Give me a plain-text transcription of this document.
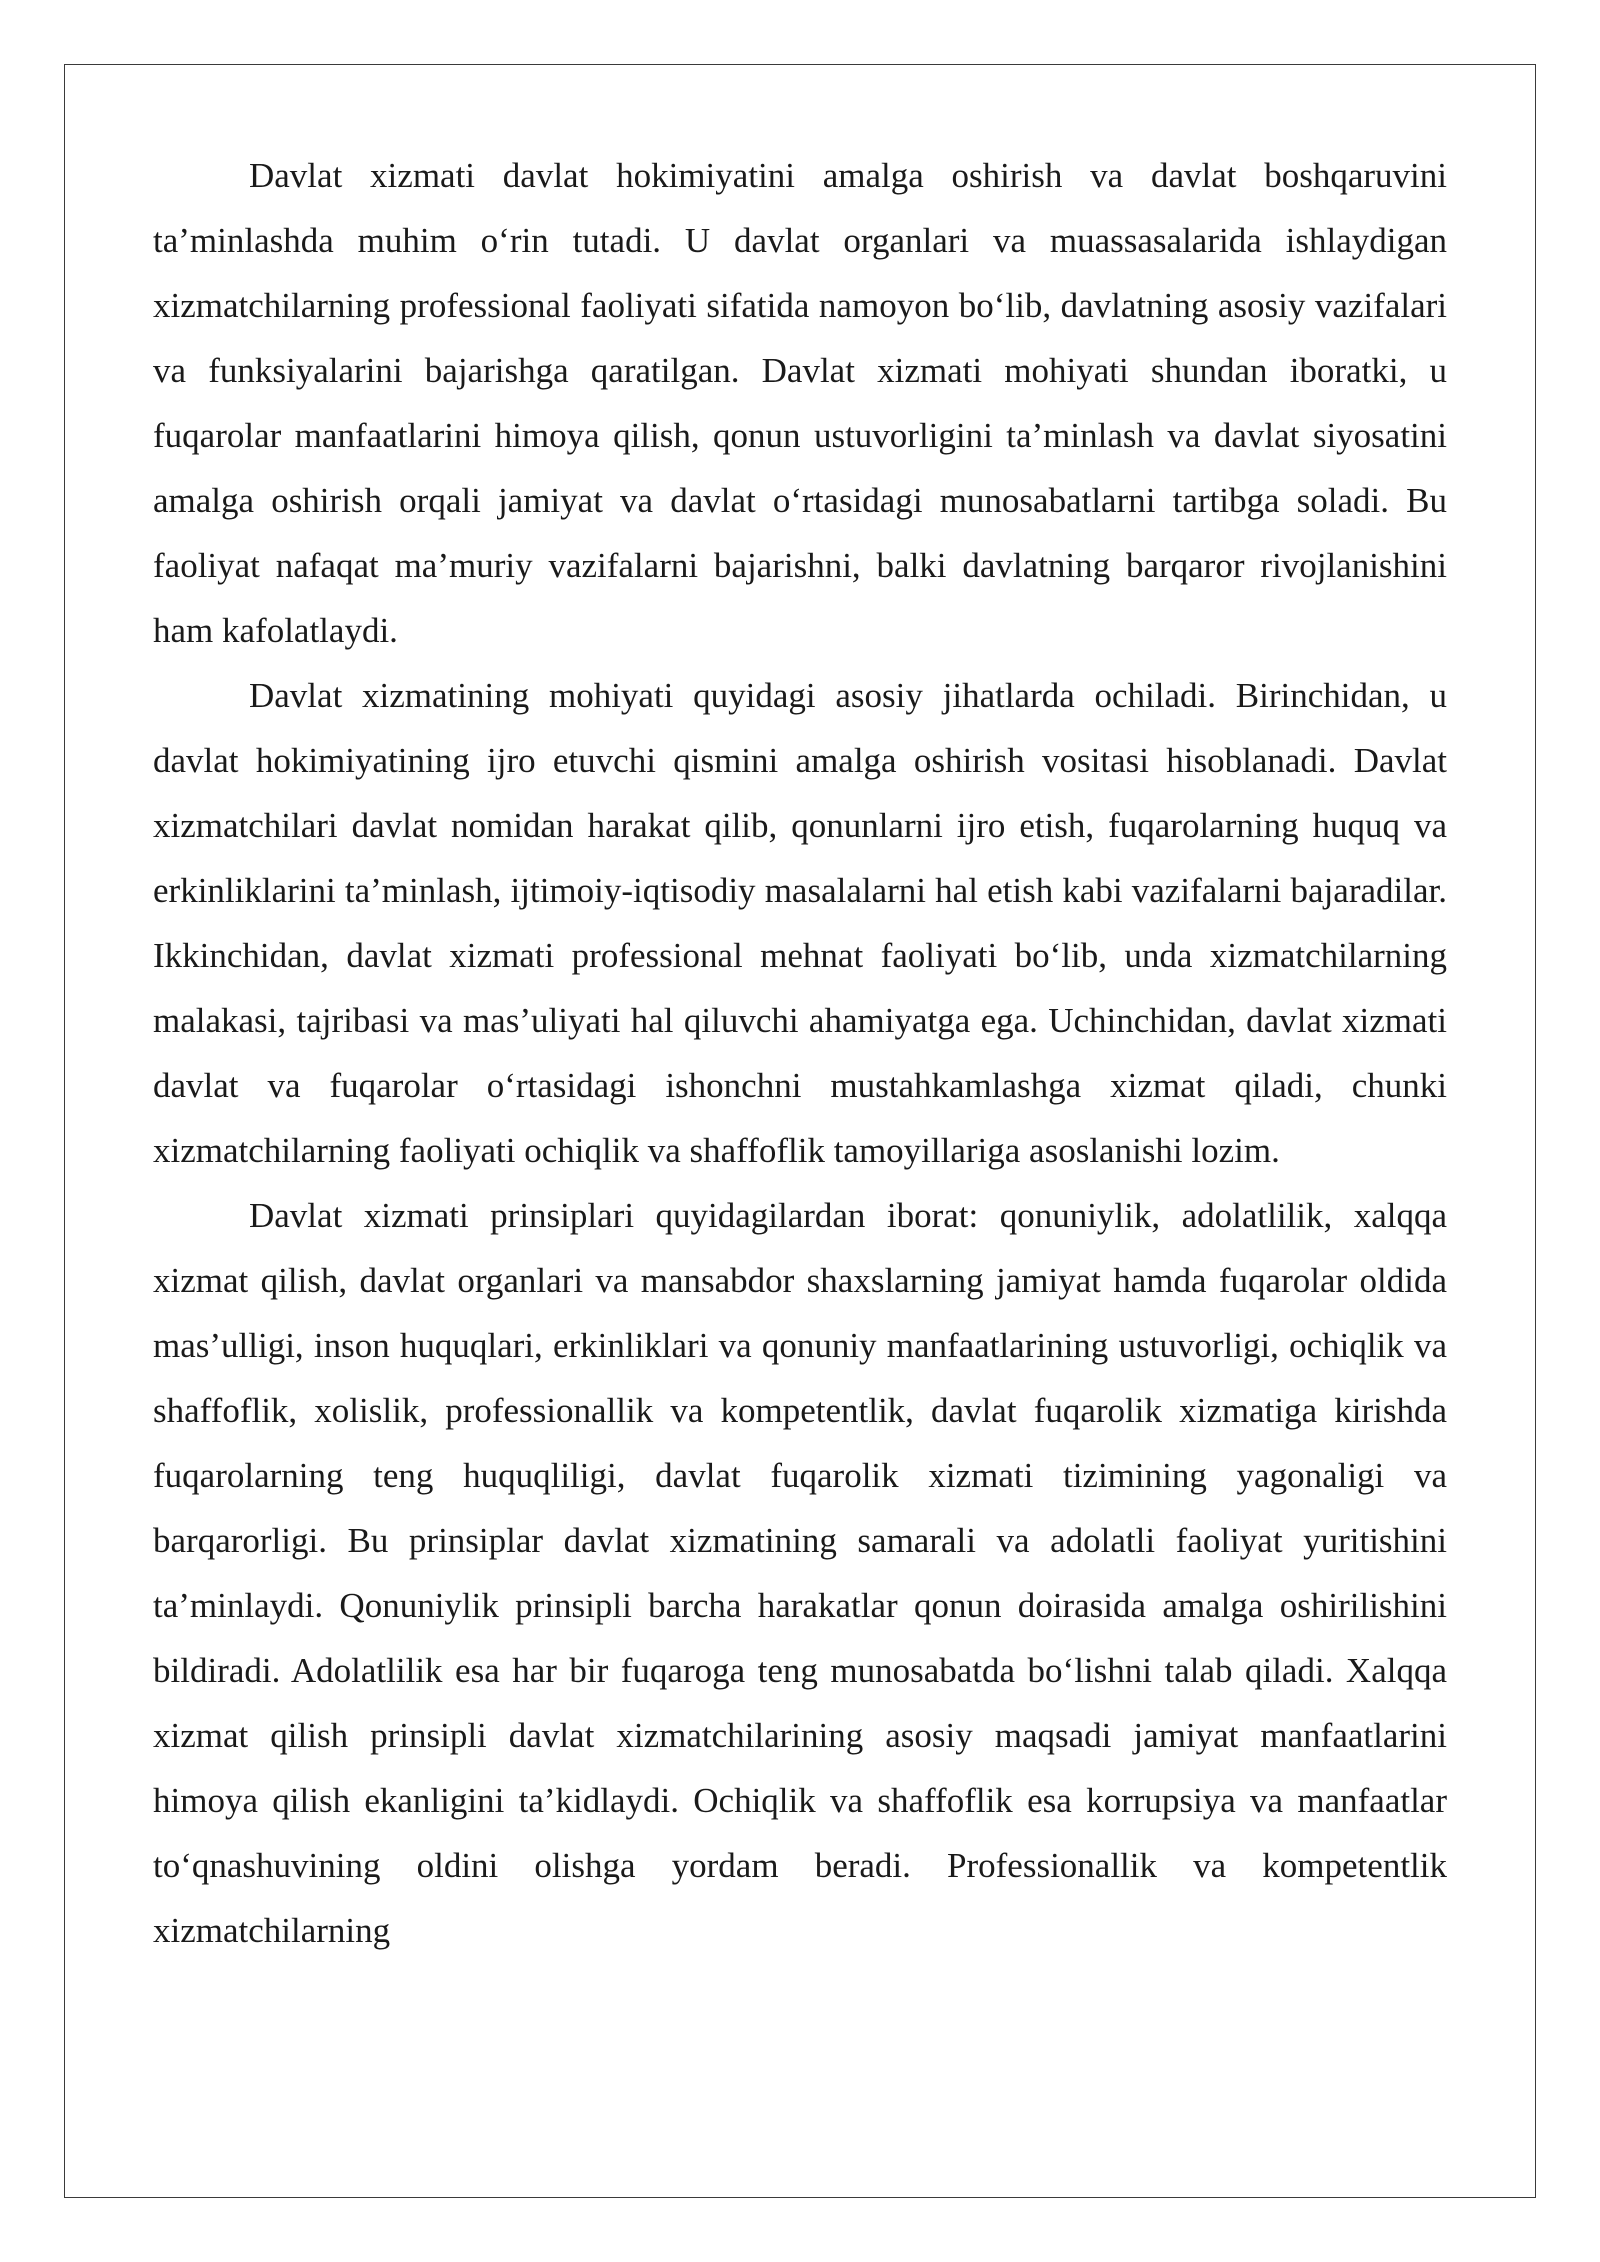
Davlat xizmati davlat hokimiyatini amalga oshirish va davlat boshqaruvini ta’minlashda muhim o‘rin tutadi. U davlat organlari va muassasalarida ishlaydigan xizmatchilarning professional faoliyati sifatida namoyon bo‘lib, davlatning asosiy vazifalari va funksiyalarini bajarishga qaratilgan. Davlat xizmati mohiyati shundan iboratki, u fuqarolar manfaatlarini himoya qilish, qonun ustuvorligini ta’minlash va davlat siyosatini amalga oshirish orqali jamiyat va davlat o‘rtasidagi munosabatlarni tartibga soladi. Bu faoliyat nafaqat ma’muriy vazifalarni bajarishni, balki davlatning barqaror rivojlanishini ham kafolatlaydi.

Davlat xizmatining mohiyati quyidagi asosiy jihatlarda ochiladi. Birinchidan, u davlat hokimiyatining ijro etuvchi qismini amalga oshirish vositasi hisoblanadi. Davlat xizmatchilari davlat nomidan harakat qilib, qonunlarni ijro etish, fuqarolarning huquq va erkinliklarini ta’minlash, ijtimoiy-iqtisodiy masalalarni hal etish kabi vazifalarni bajaradilar. Ikkinchidan, davlat xizmati professional mehnat faoliyati bo‘lib, unda xizmatchilarning malakasi, tajribasi va mas’uliyati hal qiluvchi ahamiyatga ega. Uchinchidan, davlat xizmati davlat va fuqarolar o‘rtasidagi ishonchni mustahkamlashga xizmat qiladi, chunki xizmatchilarning faoliyati ochiqlik va shaffoflik tamoyillariga asoslanishi lozim.

Davlat xizmati prinsiplari quyidagilardan iborat: qonuniylik, adolatlilik, xalqqa xizmat qilish, davlat organlari va mansabdor shaxslarning jamiyat hamda fuqarolar oldida mas’ulligi, inson huquqlari, erkinliklari va qonuniy manfaatlarining ustuvorligi, ochiqlik va shaffoflik, xolislik, professionallik va kompetentlik, davlat fuqarolik xizmatiga kirishda fuqarolarning teng huquqliligi, davlat fuqarolik xizmati tizimining yagonaligi va barqarorligi. Bu prinsiplar davlat xizmatining samarali va adolatli faoliyat yuritishini ta’minlaydi. Qonuniylik prinsipli barcha harakatlar qonun doirasida amalga oshirilishini bildiradi. Adolatlilik esa har bir fuqaroga teng munosabatda bo‘lishni talab qiladi. Xalqqa xizmat qilish prinsipli davlat xizmatchilarining asosiy maqsadi jamiyat manfaatlarini himoya qilish ekanligini ta’kidlaydi. Ochiqlik va shaffoflik esa korrupsiya va manfaatlar to‘qnashuvining oldini olishga yordam beradi. Professionallik va kompetentlik xizmatchilarning
